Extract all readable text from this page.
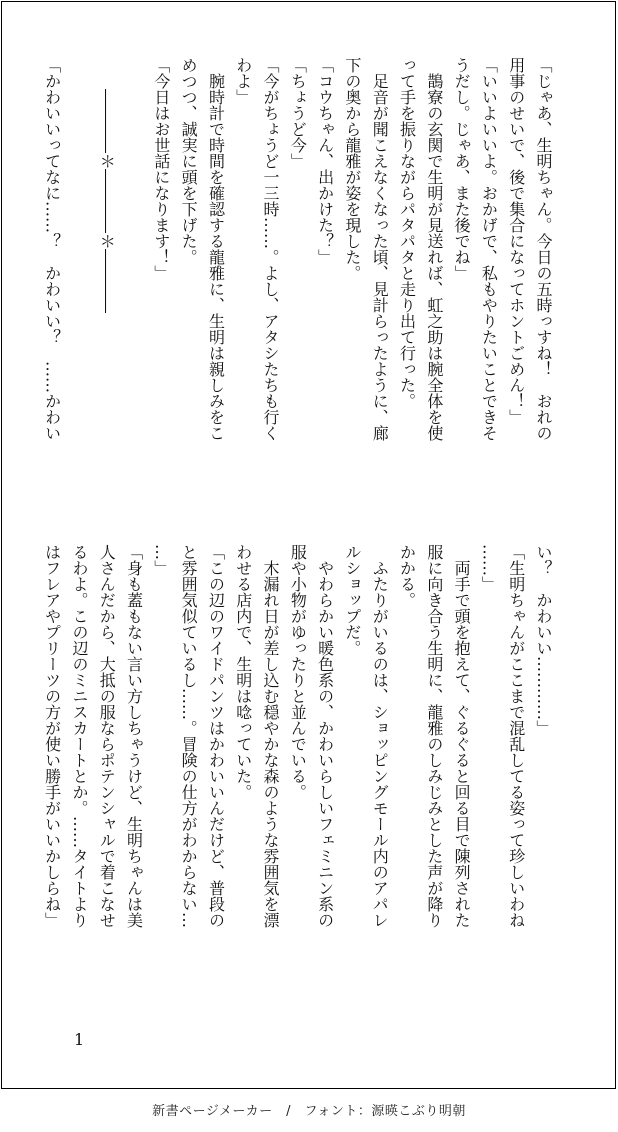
「じゃあ、生明ちゃん。今日の五時っすね！　おれの

用事のせいで、後で集合になってホントごめん！」

「いいよいいよ。おかげで、私もやりたいことできそ

うだし。じゃあ、また後でね」

　鵲寮の玄関で生明が見送れば、虹之助は腕全体を使

って手を振りながらパタパタと走り出て行った。

　足音が聞こえなくなった頃、見計らったように、廊

下の奥から龍雅が姿を現した。

「コウちゃん、出かけた？」

「ちょうど今」

「今がちょうど一三時……。よし、アタシたちも行く

わよ」

　腕時計で時間を確認する龍雅に、生明は親しみをこ

めつつ、誠実に頭を下げた。

「今日はお世話になります！」

　　――――＊――――＊――――

「かわいいってなに……？　かわいい？　……かわい

い？　かわいい…………」

「生明ちゃんがここまで混乱してる姿って珍しいわね

……」

　両手で頭を抱えて、ぐるぐると回る目で陳列された

服に向き合う生明に、龍雅のしみじみとした声が降り

かかる。

　ふたりがいるのは、ショッピングモール内のアパレ

ルショップだ。

　やわらかい暖色系の、かわいらしいフェミニン系の

服や小物がゆったりと並んでいる。

　木漏れ日が差し込む穏やかな森のような雰囲気を漂

わせる店内で、生明は唸っていた。

「この辺のワイドパンツはかわいいんだけど、普段の

と雰囲気似ているし……。冒険の仕方がわからない…

…」

「身も蓋もない言い方しちゃうけど、生明ちゃんは美

人さんだから、大抵の服ならポテンシャルで着こなせ

るわよ。この辺のミニスカートとか。……タイトより

はフレアやプリーツの方が使い勝手がいいかしらね」

1
新書ページメーカー　/　フォント：源暎こぶり明朝
